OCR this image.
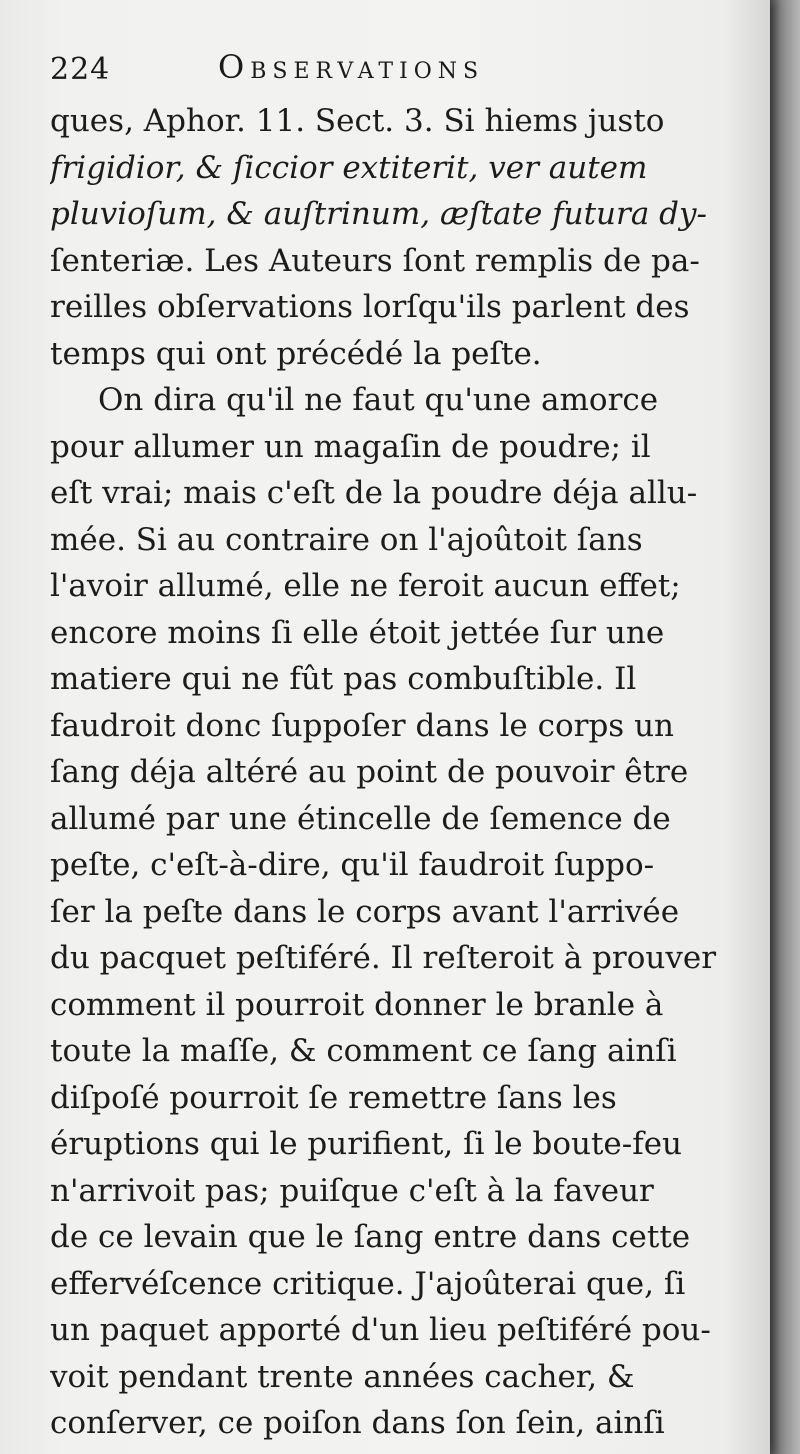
224	Observations
ques, Aphor. 11. Sect. 3. Si hiems justo
frigidior, & ſiccior extiterit, ver autem
pluvioſum, & auſtrinum, æſtate futura dy-
ſenteriæ. Les Auteurs ſont remplis de pa-
reilles obſervations lorſqu'ils parlent des
temps qui ont précédé la peſte.
On dira qu'il ne faut qu'une amorce
pour allumer un magaſin de poudre; il
eſt vrai; mais c'eſt de la poudre déja allu-
mée. Si au contraire on l'ajoûtoit ſans
l'avoir allumé, elle ne feroit aucun effet;
encore moins ſi elle étoit jettée ſur une
matiere qui ne fût pas combuſtible. Il
faudroit donc ſuppoſer dans le corps un
ſang déja altéré au point de pouvoir être
allumé par une étincelle de ſemence de
peſte, c'eſt-à-dire, qu'il faudroit ſuppo-
ſer la peſte dans le corps avant l'arrivée
du pacquet peſtiféré. Il reſteroit à prouver
comment il pourroit donner le branle à
toute la maſſe, & comment ce ſang ainſi
diſpoſé pourroit ſe remettre ſans les
éruptions qui le purifient, ſi le boute-feu
n'arrivoit pas; puiſque c'eſt à la faveur
de ce levain que le ſang entre dans cette
effervéſcence critique. J'ajoûterai que, ſi
un paquet apporté d'un lieu peſtiféré pou-
voit pendant trente années cacher, &
conſerver, ce poiſon dans ſon ſein, ainſi
